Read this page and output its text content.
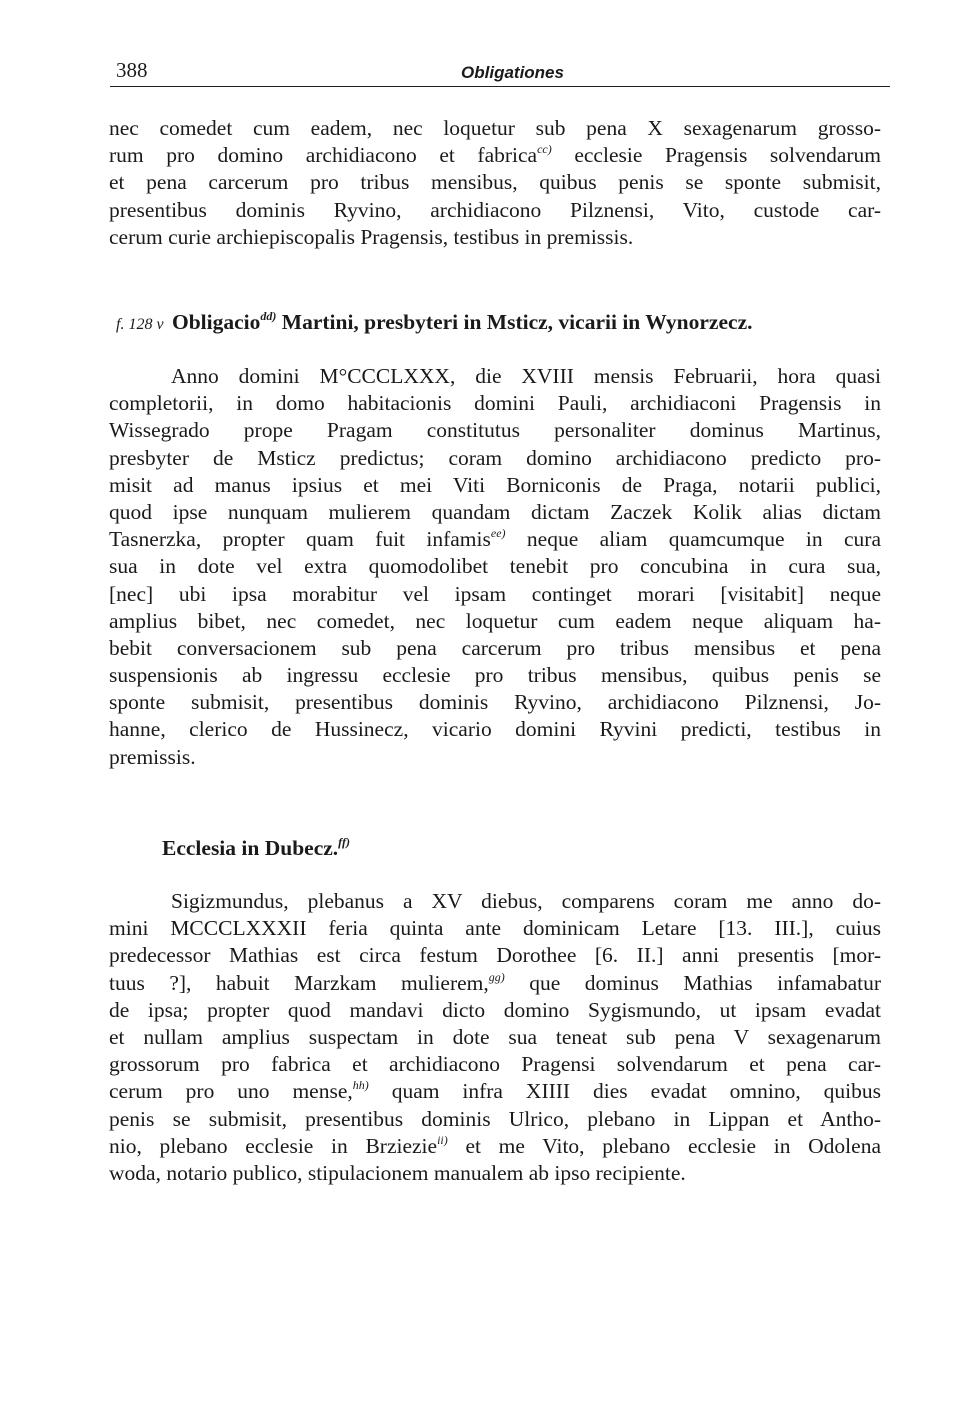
388	Obligationes
nec comedet cum eadem, nec loquetur sub pena X sexagenarum grosso-
rum pro domino archidiacono et fabrica$^{cc)}$ ecclesie Pragensis solvendarum
et pena carcerum pro tribus mensibus, quibus penis se sponte submisit,
presentibus dominis Ryvino, archidiacono Pilznensi, Vito, custode car-
cerum curie archiepiscopalis Pragensis, testibus in premissis.
f. 128 v Obligacio$^{dd)}$ Martini, presbyteri in Msticz, vicarii in Wynorzecz.
Anno domini M°CCCLXXX, die XVIII mensis Februarii, hora quasi
completorii, in domo habitacionis domini Pauli, archidiaconi Pragensis in
Wissegrado prope Pragam constitutus personaliter dominus Martinus,
presbyter de Msticz predictus; coram domino archidiacono predicto pro-
misit ad manus ipsius et mei Viti Borniconis de Praga, notarii publici,
quod ipse nunquam mulierem quandam dictam Zaczek Kolik alias dictam
Tasnerzka, propter quam fuit infamis$^{ee)}$ neque aliam quamcumque in cura
sua in dote vel extra quomodolibet tenebit pro concubina in cura sua,
[nec] ubi ipsa morabitur vel ipsam continget morari [visitabit] neque
amplius bibet, nec comedet, nec loquetur cum eadem neque aliquam ha-
bebit conversacionem sub pena carcerum pro tribus mensibus et pena
suspensionis ab ingressu ecclesie pro tribus mensibus, quibus penis se
sponte submisit, presentibus dominis Ryvino, archidiacono Pilznensi, Jo-
hanne, clerico de Hussinecz, vicario domini Ryvini predicti, testibus in
premissis.
Ecclesia in Dubecz.$^{ff)}$
Sigizmundus, plebanus a XV diebus, comparens coram me anno do-
mini MCCCLXXXII feria quinta ante dominicam Letare [13. III.], cuius
predecessor Mathias est circa festum Dorothee [6. II.] anni presentis [mor-
tuus ?], habuit Marzkam mulierem,$^{gg)}$ que dominus Mathias infamabatur
de ipsa; propter quod mandavi dicto domino Sygismundo, ut ipsam evadat
et nullam amplius suspectam in dote sua teneat sub pena V sexagenarum
grossorum pro fabrica et archidiacono Pragensi solvendarum et pena car-
cerum pro uno mense,$^{hh)}$ quam infra XIIII dies evadat omnino, quibus
penis se submisit, presentibus dominis Ulrico, plebano in Lippan et Antho-
nio, plebano ecclesie in Brziezie$^{ii)}$ et me Vito, plebano ecclesie in Odolena
woda, notario publico, stipulacionem manualem ab ipso recipiente.
